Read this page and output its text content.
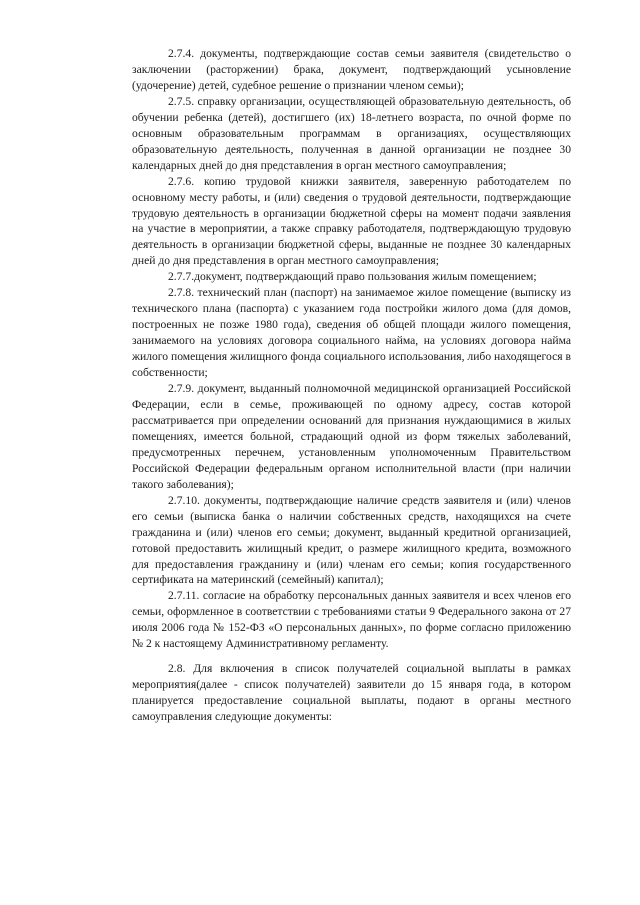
2.7.4. документы, подтверждающие состав семьи заявителя (свидетельство о заключении (расторжении) брака, документ, подтверждающий усыновление (удочерение) детей, судебное решение о признании членом семьи);

2.7.5. справку организации, осуществляющей образовательную деятельность, об обучении ребенка (детей), достигшего (их) 18-летнего возраста, по очной форме по основным образовательным программам в организациях, осуществляющих образовательную деятельность, полученная в данной организации не позднее 30 календарных дней до дня представления в орган местного самоуправления;

2.7.6. копию трудовой книжки заявителя, заверенную работодателем по основному месту работы, и (или) сведения о трудовой деятельности, подтверждающие трудовую деятельность в организации бюджетной сферы на момент подачи заявления на участие в мероприятии, а также справку работодателя, подтверждающую трудовую деятельность в организации бюджетной сферы, выданные не позднее 30 календарных дней до дня представления в орган местного самоуправления;

2.7.7.документ, подтверждающий право пользования жилым помещением;

2.7.8. технический план (паспорт) на занимаемое жилое помещение (выписку из технического плана (паспорта) с указанием года постройки жилого дома (для домов, построенных не позже 1980 года), сведения об общей площади жилого помещения, занимаемого на условиях договора социального найма, на условиях договора найма жилого помещения жилищного фонда социального использования, либо находящегося в собственности;

2.7.9. документ, выданный полномочной медицинской организацией Российской Федерации, если в семье, проживающей по одному адресу, состав которой рассматривается при определении оснований для признания нуждающимися в жилых помещениях, имеется больной, страдающий одной из форм тяжелых заболеваний, предусмотренных перечнем, установленным уполномоченным Правительством Российской Федерации федеральным органом исполнительной власти (при наличии такого заболевания);

2.7.10. документы, подтверждающие наличие средств заявителя и (или) членов его семьи (выписка банка о наличии собственных средств, находящихся на счете гражданина и (или) членов его семьи; документ, выданный кредитной организацией, готовой предоставить жилищный кредит, о размере жилищного кредита, возможного для предоставления гражданину и (или) членам его семьи; копия государственного сертификата на материнский (семейный) капитал);

2.7.11. согласие на обработку персональных данных заявителя и всех членов его семьи, оформленное в соответствии с требованиями статьи 9 Федерального закона от 27 июля 2006 года № 152-ФЗ «О персональных данных», по форме согласно приложению № 2 к настоящему Административному регламенту.

2.8. Для включения в список получателей социальной выплаты в рамках мероприятия(далее - список получателей) заявители до 15 января года, в котором планируется предоставление социальной выплаты, подают в органы местного самоуправления следующие документы:
